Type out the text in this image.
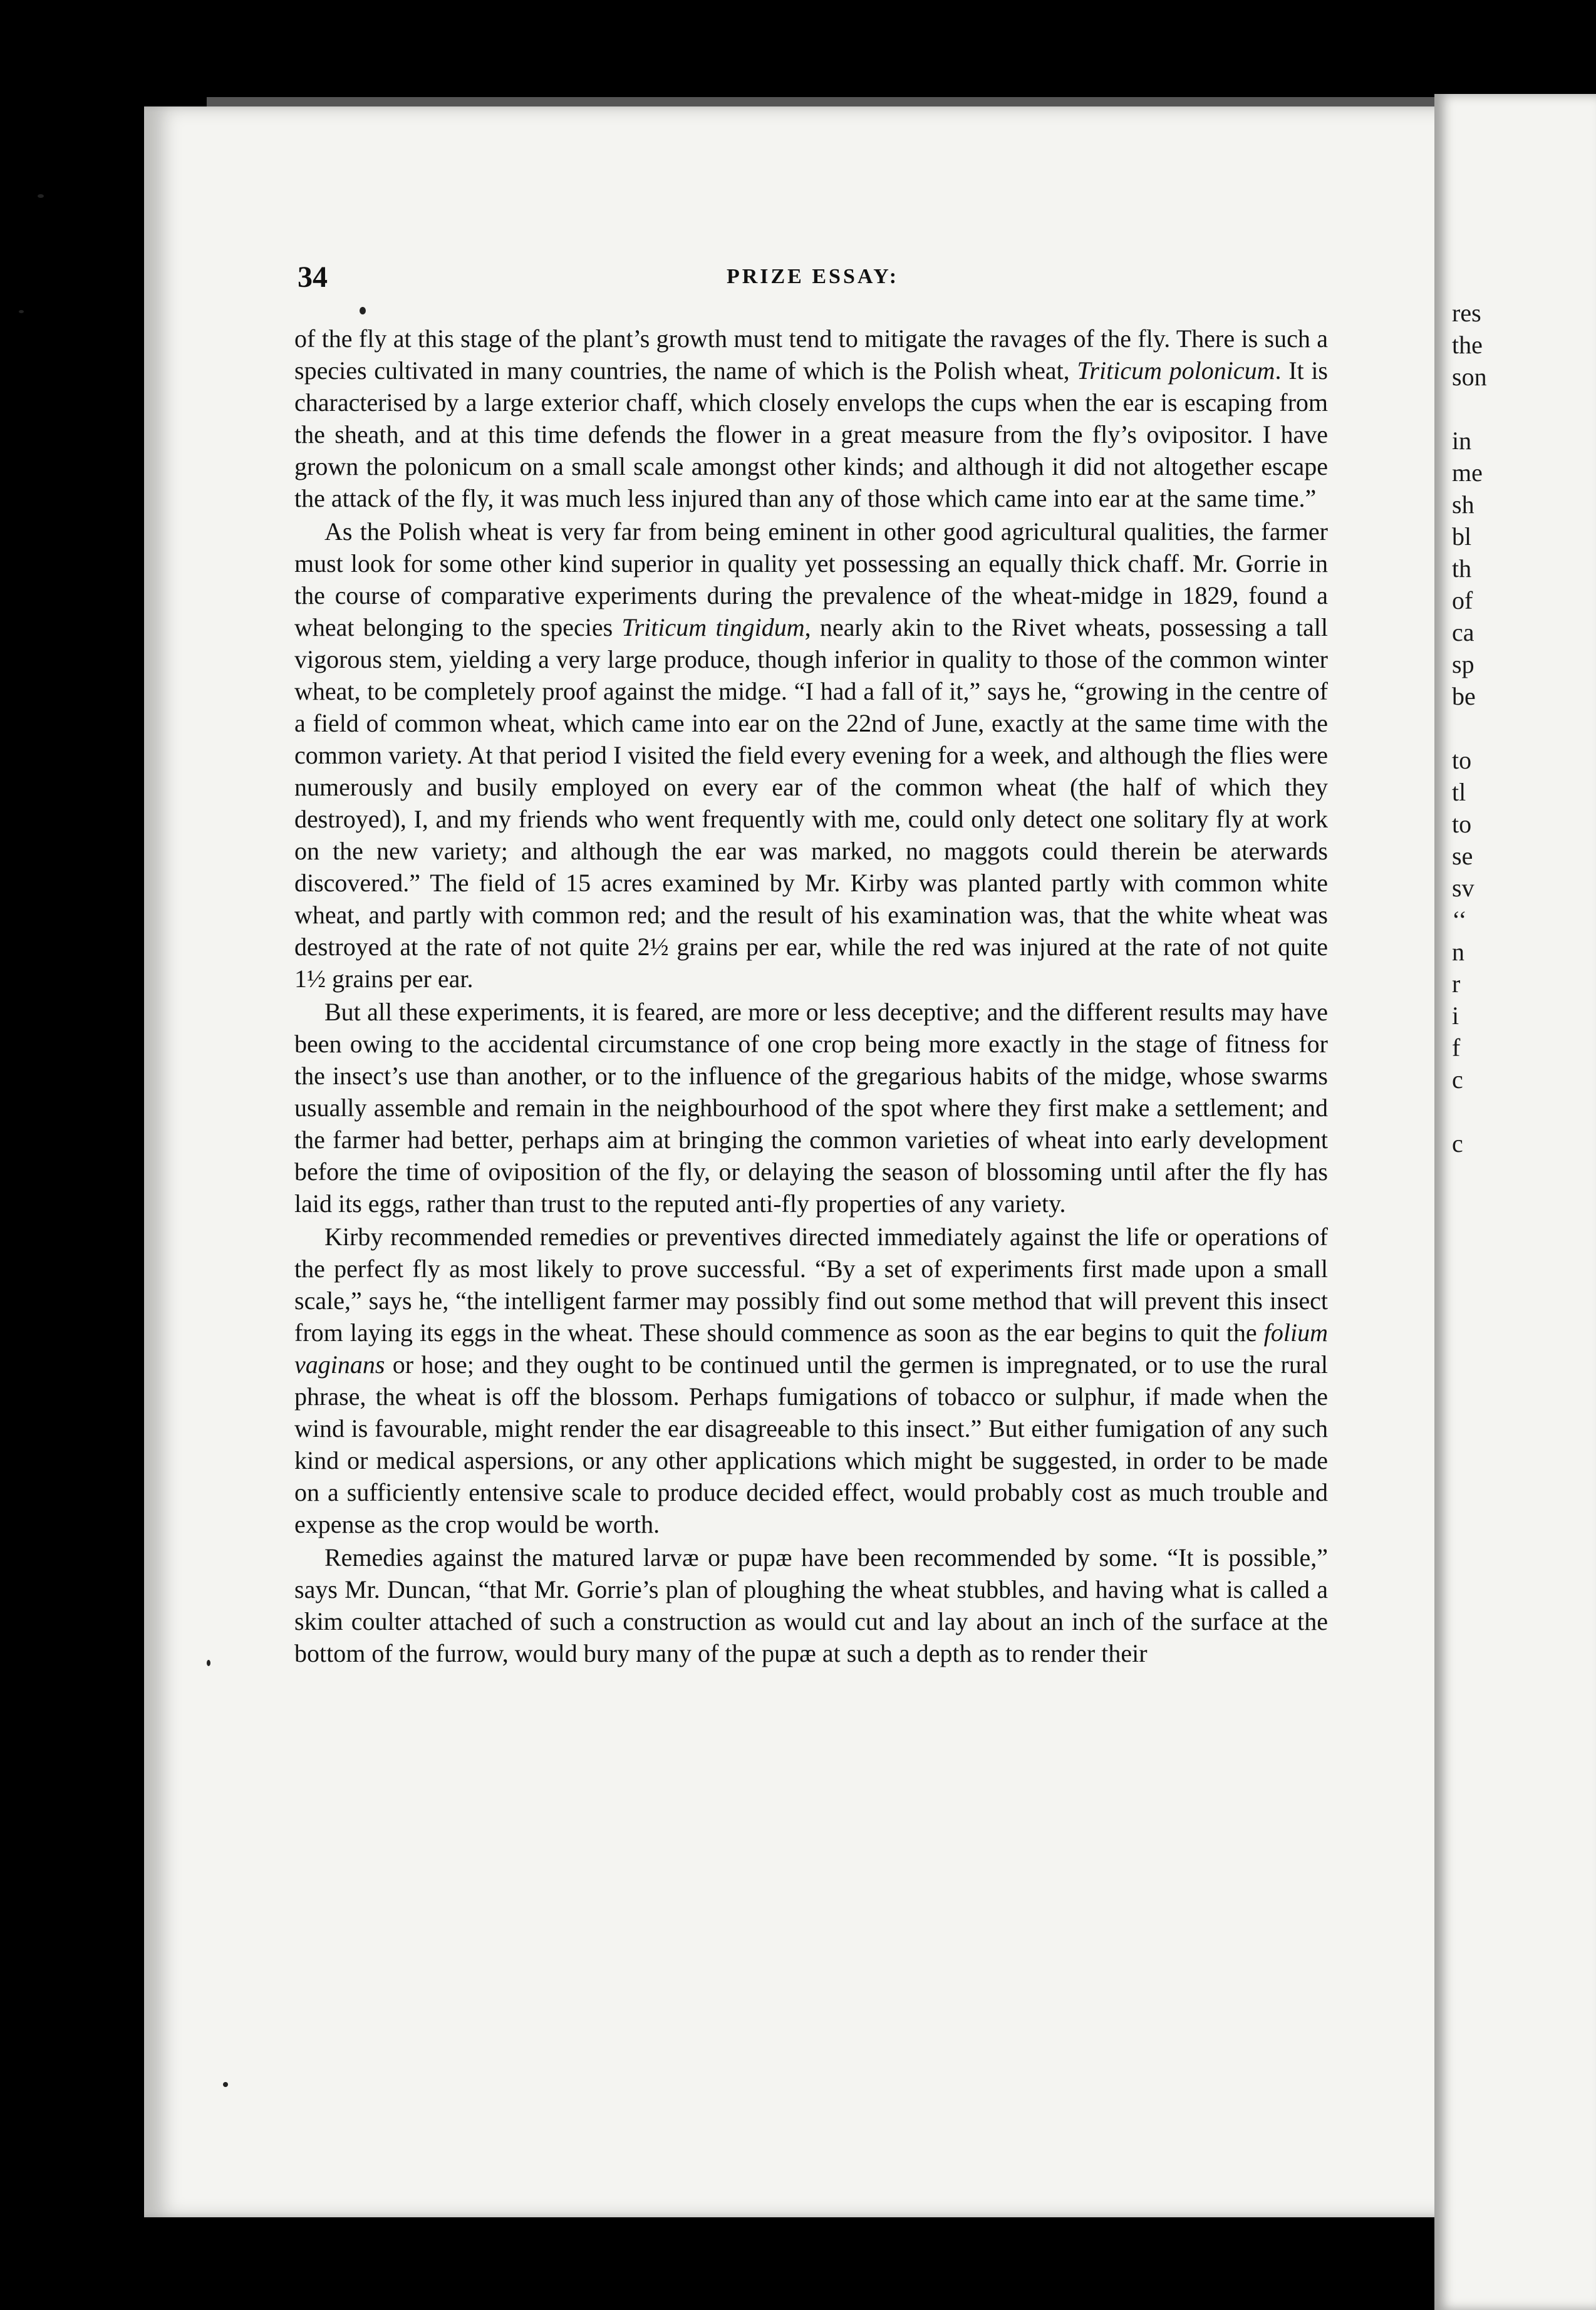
res
the
son
in
me
sh
bl
th
of
ca
sp
be
to
tl
to
se
sv
‘‘
n
r
i
f
c
c
34	PRIZE ESSAY:

of the fly at this stage of the plant’s growth must tend to mitigate the ravages of the fly. There is such a species cultivated in many countries, the name of which is the Polish wheat, Triticum polonicum. It is characterised by a large exterior chaff, which closely envelops the cups when the ear is escaping from the sheath, and at this time defends the flower in a great measure from the fly’s ovipositor. I have grown the polonicum on a small scale amongst other kinds; and although it did not altogether escape the attack of the fly, it was much less injured than any of those which came into ear at the same time.”

As the Polish wheat is very far from being eminent in other good agricultural qualities, the farmer must look for some other kind superior in quality yet possessing an equally thick chaff. Mr. Gorrie in the course of comparative experiments during the prevalence of the wheat-midge in 1829, found a wheat belonging to the species Triticum tingidum, nearly akin to the Rivet wheats, possessing a tall vigorous stem, yielding a very large produce, though inferior in quality to those of the common winter wheat, to be completely proof against the midge. “I had a fall of it,” says he, “growing in the centre of a field of common wheat, which came into ear on the 22nd of June, exactly at the same time with the common variety. At that period I visited the field every evening for a week, and although the flies were numerously and busily employed on every ear of the common wheat (the half of which they destroyed), I, and my friends who went frequently with me, could only detect one solitary fly at work on the new variety; and although the ear was marked, no maggots could therein be aterwards discovered.” The field of 15 acres examined by Mr. Kirby was planted partly with common white wheat, and partly with common red; and the result of his examination was, that the white wheat was destroyed at the rate of not quite 2½ grains per ear, while the red was injured at the rate of not quite 1½ grains per ear.

But all these experiments, it is feared, are more or less deceptive; and the different results may have been owing to the accidental circumstance of one crop being more exactly in the stage of fitness for the insect’s use than another, or to the influence of the gregarious habits of the midge, whose swarms usually assemble and remain in the neighbourhood of the spot where they first make a settlement; and the farmer had better, perhaps aim at bringing the common varieties of wheat into early development before the time of oviposition of the fly, or delaying the season of blossoming until after the fly has laid its eggs, rather than trust to the reputed anti-fly properties of any variety.

Kirby recommended remedies or preventives directed immediately against the life or operations of the perfect fly as most likely to prove successful. “By a set of experiments first made upon a small scale,” says he, “the intelligent farmer may possibly find out some method that will prevent this insect from laying its eggs in the wheat. These should commence as soon as the ear begins to quit the folium vaginans or hose; and they ought to be continued until the germen is impregnated, or to use the rural phrase, the wheat is off the blossom. Perhaps fumigations of tobacco or sulphur, if made when the wind is favourable, might render the ear disagreeable to this insect.” But either fumigation of any such kind or medical aspersions, or any other applications which might be suggested, in order to be made on a sufficiently entensive scale to produce decided effect, would probably cost as much trouble and expense as the crop would be worth.

Remedies against the matured larvæ or pupæ have been recommended by some. “It is possible,” says Mr. Duncan, “that Mr. Gorrie’s plan of ploughing the wheat stubbles, and having what is called a skim coulter attached of such a construction as would cut and lay about an inch of the surface at the bottom of the furrow, would bury many of the pupæ at such a depth as to render their
